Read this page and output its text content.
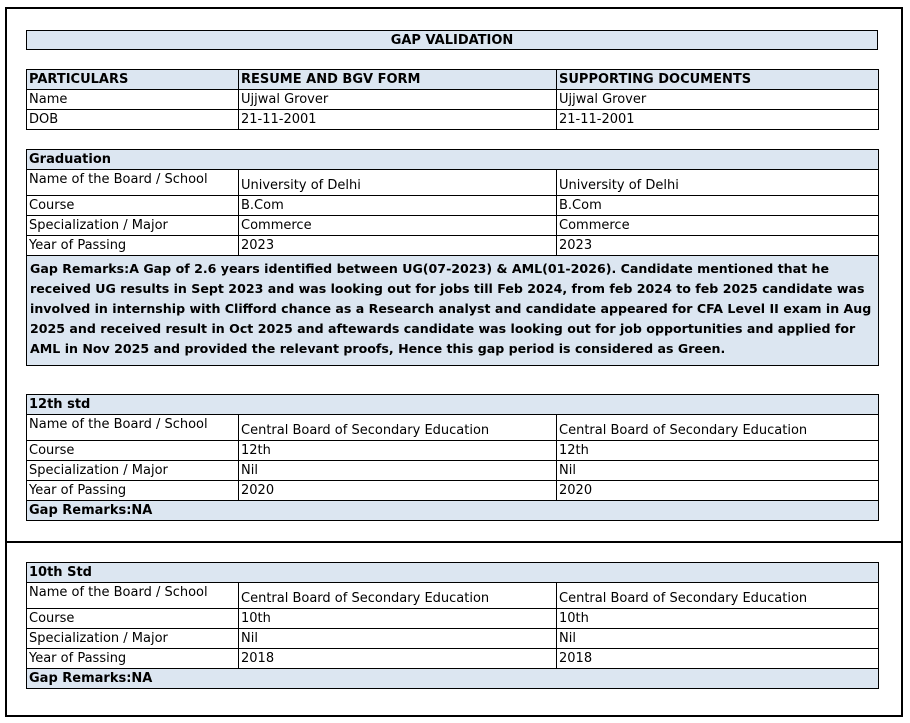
GAP VALIDATION
PARTICULARS	RESUME AND BGV FORM	SUPPORTING DOCUMENTS
Name	Ujjwal Grover	Ujjwal Grover
DOB	21-11-2001	21-11-2001
Graduation		
Name of the Board / School	University of Delhi	University of Delhi
Course	B.Com	B.Com
Specialization / Major	Commerce	Commerce
Year of Passing	2023	2023
Gap Remarks:A Gap of 2.6 years identified between UG(07-2023) & AML(01-2026). Candidate mentioned that he received UG results in Sept 2023 and was looking out for jobs till Feb 2024, from feb 2024 to feb 2025 candidate was involved in internship with Clifford chance as a Research analyst and candidate appeared for CFA Level II exam in Aug 2025 and received result in Oct 2025 and aftewards candidate was looking out for job opportunities and applied for AML in Nov 2025 and provided the relevant proofs, Hence this gap period is considered as Green.		
12th std		
Name of the Board / School	Central Board of Secondary Education	Central Board of Secondary Education
Course	12th	12th
Specialization / Major	Nil	Nil
Year of Passing	2020	2020
Gap Remarks:NA		
10th Std		
Name of the Board / School	Central Board of Secondary Education	Central Board of Secondary Education
Course	10th	10th
Specialization / Major	Nil	Nil
Year of Passing	2018	2018
Gap Remarks:NA		
